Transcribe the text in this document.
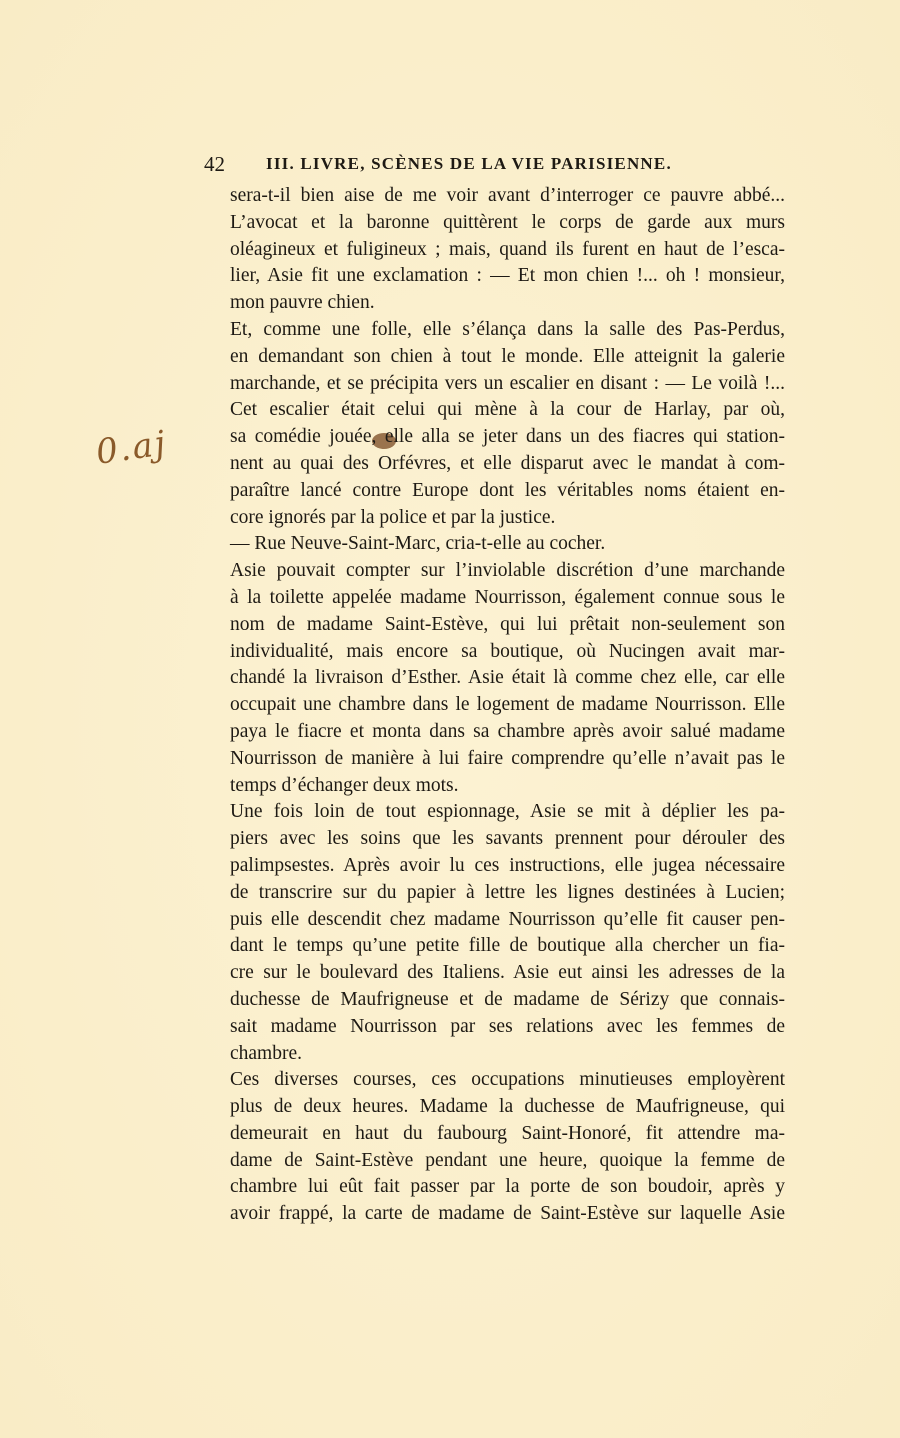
42 III. LIVRE, SCÈNES DE LA VIE PARISIENNE.
0.aj
sera-t-il bien aise de me voir avant d’interroger ce pauvre abbé...
L’avocat et la baronne quittèrent le corps de garde aux murs
oléagineux et fuligineux ; mais, quand ils furent en haut de l’esca-
lier, Asie fit une exclamation : — Et mon chien !... oh ! monsieur,
mon pauvre chien.
Et, comme une folle, elle s’élança dans la salle des Pas-Perdus,
en demandant son chien à tout le monde. Elle atteignit la galerie
marchande, et se précipita vers un escalier en disant : — Le voilà !...
Cet escalier était celui qui mène à la cour de Harlay, par où,
sa comédie jouée, elle alla se jeter dans un des fiacres qui station-
nent au quai des Orfévres, et elle disparut avec le mandat à com-
paraître lancé contre Europe dont les véritables noms étaient en-
core ignorés par la police et par la justice.
— Rue Neuve-Saint-Marc, cria-t-elle au cocher.
Asie pouvait compter sur l’inviolable discrétion d’une marchande
à la toilette appelée madame Nourrisson, également connue sous le
nom de madame Saint-Estève, qui lui prêtait non-seulement son
individualité, mais encore sa boutique, où Nucingen avait mar-
chandé la livraison d’Esther. Asie était là comme chez elle, car elle
occupait une chambre dans le logement de madame Nourrisson. Elle
paya le fiacre et monta dans sa chambre après avoir salué madame
Nourrisson de manière à lui faire comprendre qu’elle n’avait pas le
temps d’échanger deux mots.
Une fois loin de tout espionnage, Asie se mit à déplier les pa-
piers avec les soins que les savants prennent pour dérouler des
palimpsestes. Après avoir lu ces instructions, elle jugea nécessaire
de transcrire sur du papier à lettre les lignes destinées à Lucien;
puis elle descendit chez madame Nourrisson qu’elle fit causer pen-
dant le temps qu’une petite fille de boutique alla chercher un fia-
cre sur le boulevard des Italiens. Asie eut ainsi les adresses de la
duchesse de Maufrigneuse et de madame de Sérizy que connais-
sait madame Nourrisson par ses relations avec les femmes de
chambre.
Ces diverses courses, ces occupations minutieuses employèrent
plus de deux heures. Madame la duchesse de Maufrigneuse, qui
demeurait en haut du faubourg Saint-Honoré, fit attendre ma-
dame de Saint-Estève pendant une heure, quoique la femme de
chambre lui eût fait passer par la porte de son boudoir, après y
avoir frappé, la carte de madame de Saint-Estève sur laquelle Asie
